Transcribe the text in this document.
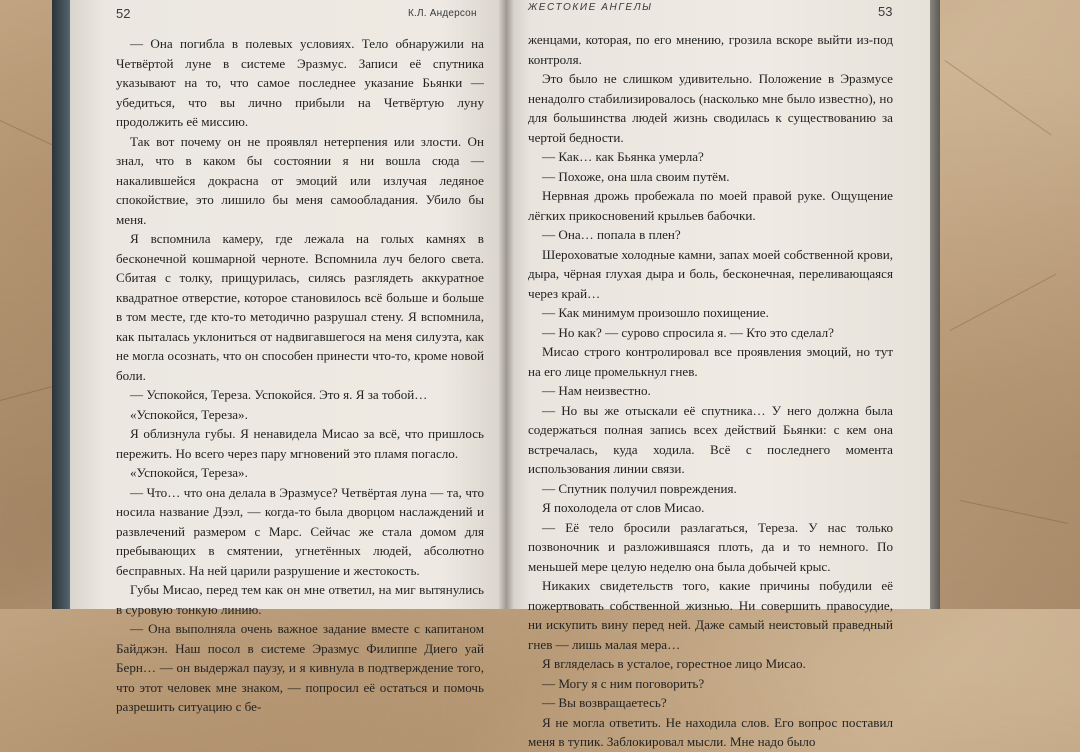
52	К.Л. Андерсон

— Она погибла в полевых условиях. Тело обнаружили на Четвёртой луне в системе Эразмус. Записи её спутника указывают на то, что самое последнее указание Бьянки — убедиться, что вы лично прибыли на Четвёртую луну продолжить её миссию.

Так вот почему он не проявлял нетерпения или злости. Он знал, что в каком бы состоянии я ни вошла сюда — накалившейся докрасна от эмоций или излучая ледяное спокойствие, это лишило бы меня самообладания. Убило бы меня.

Я вспомнила камеру, где лежала на голых камнях в бесконечной кошмарной черноте. Вспомнила луч белого света. Сбитая с толку, прищурилась, силясь разглядеть аккуратное квадратное отверстие, которое становилось всё больше и больше в том месте, где кто-то методично разрушал стену. Я вспомнила, как пыталась уклониться от надвигавшегося на меня силуэта, как не могла осознать, что он способен принести что-то, кроме новой боли.

— Успокойся, Тереза. Успокойся. Это я. Я за тобой…

«Успокойся, Тереза».

Я облизнула губы. Я ненавидела Мисао за всё, что пришлось пережить. Но всего через пару мгновений это пламя погасло.

«Успокойся, Тереза».

— Что… что она делала в Эразмусе? Четвёртая луна — та, что носила название Дээл, — когда-то была дворцом наслаждений и развлечений размером с Марс. Сейчас же стала домом для пребывающих в смятении, угнетённых людей, абсолютно бесправных. На ней царили разрушение и жестокость.

Губы Мисао, перед тем как он мне ответил, на миг вытянулись в суровую тонкую линию.

— Она выполняла очень важное задание вместе с капитаном Байджэн. Наш посол в системе Эразмус Филиппе Диего уай Берн… — он выдержал паузу, и я кивнула в подтверждение того, что этот человек мне знаком, — попросил её остаться и помочь разрешить ситуацию с бе-

ЖЕСТОКИЕ АНГЕЛЫ	53

женцами, которая, по его мнению, грозила вскоре выйти из-под контроля.

Это было не слишком удивительно. Положение в Эразмусе ненадолго стабилизировалось (насколько мне было известно), но для большинства людей жизнь сводилась к существованию за чертой бедности.

— Как… как Бьянка умерла?

— Похоже, она шла своим путём.

Нервная дрожь пробежала по моей правой руке. Ощущение лёгких прикосновений крыльев бабочки.

— Она… попала в плен?

Шероховатые холодные камни, запах моей собственной крови, дыра, чёрная глухая дыра и боль, бесконечная, переливающаяся через край…

— Как минимум произошло похищение.

— Но как? — сурово спросила я. — Кто это сделал?

Мисао строго контролировал все проявления эмоций, но тут на его лице промелькнул гнев.

— Нам неизвестно.

— Но вы же отыскали её спутника… У него должна была содержаться полная запись всех действий Бьянки: с кем она встречалась, куда ходила. Всё с последнего момента использования линии связи.

— Спутник получил повреждения.

Я похолодела от слов Мисао.

— Её тело бросили разлагаться, Тереза. У нас только позвоночник и разложившаяся плоть, да и то немного. По меньшей мере целую неделю она была добычей крыс.

Никаких свидетельств того, какие причины побудили её пожертвовать собственной жизнью. Ни совершить правосудие, ни искупить вину перед ней. Даже самый неистовый праведный гнев — лишь малая мера…

Я вгляделась в усталое, горестное лицо Мисао.

— Могу я с ним поговорить?

— Вы возвращаетесь?

Я не могла ответить. Не находила слов. Его вопрос поставил меня в тупик. Заблокировал мысли. Мне надо было
